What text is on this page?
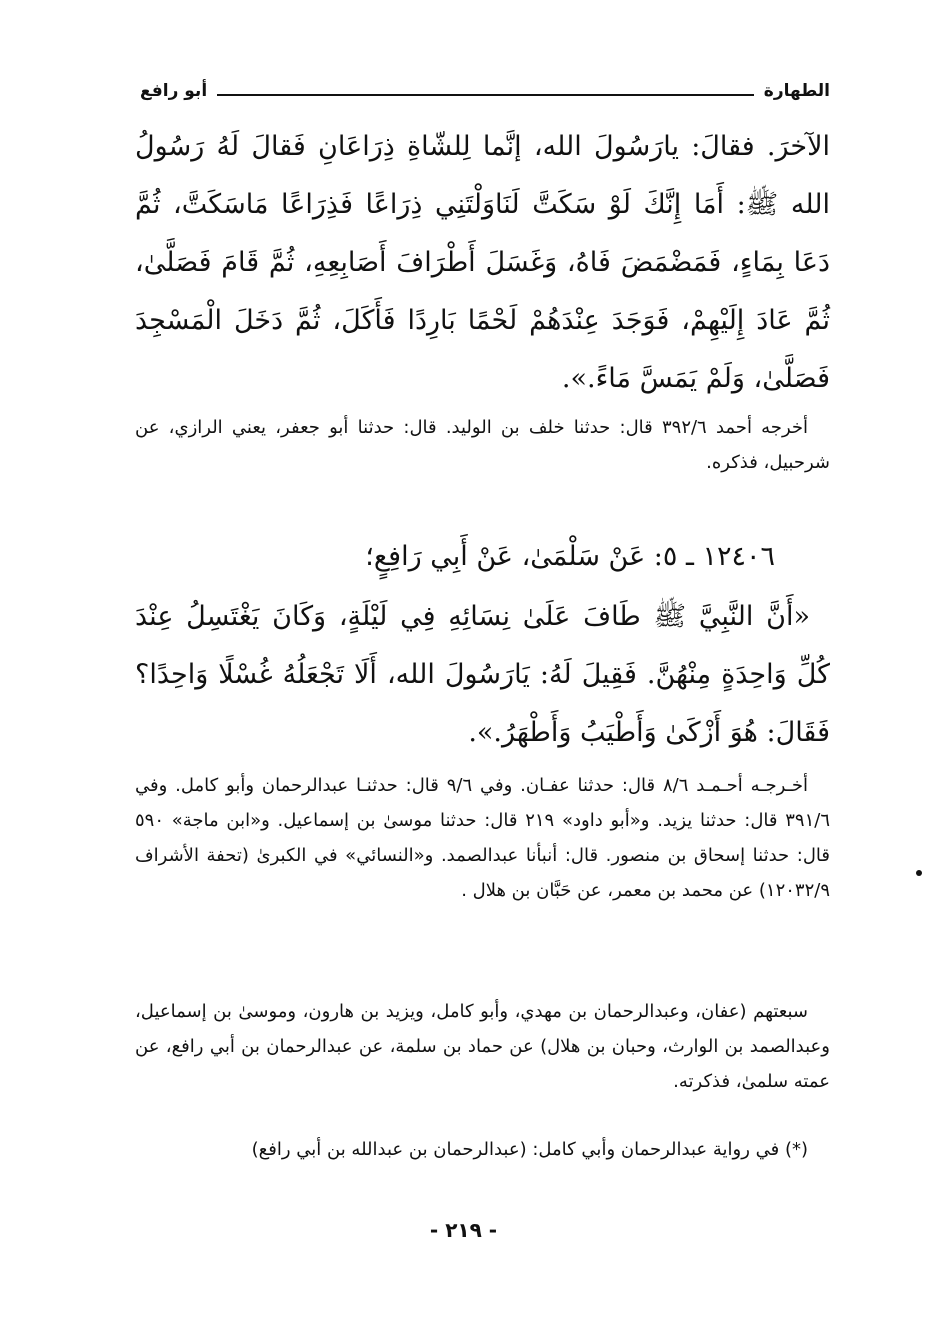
الطهارة
أبو رافع
الآخرَ. فقالَ: يارَسُولَ الله، إنَّما لِلشّاةِ ذِرَاعَانِ فَقالَ لَهُ رَسُولُ الله ﷺ: أَمَا إِنَّكَ لَوْ سَكَتَّ لَنَاوَلْتَنِي ذِرَاعًا فَذِرَاعًا مَاسَكَتَّ، ثُمَّ دَعَا بِمَاءٍ، فَمَضْمَضَ فَاهُ، وَغَسَلَ أَطْرَافَ أَصَابِعِهِ، ثُمَّ قَامَ فَصَلَّىٰ، ثُمَّ عَادَ إِلَيْهِمْ، فَوَجَدَ عِنْدَهُمْ لَحْمًا بَارِدًا فَأَكَلَ، ثُمَّ دَخَلَ الْمَسْجِدَ فَصَلَّىٰ، وَلَمْ يَمَسَّ مَاءً.».
أخرجه أحمد ٣٩٢/٦ قال: حدثنا خلف بن الوليد. قال: حدثنا أبو جعفر، يعني الرازي، عن شرحبيل، فذكره.
١٢٤٠٦ ـ ٥: عَنْ سَلْمَىٰ، عَنْ أَبِي رَافِعٍ؛
«أَنَّ النَّبِيَّ ﷺ طَافَ عَلَىٰ نِسَائِهِ فِي لَيْلَةٍ، وَكَانَ يَغْتَسِلُ عِنْدَ كُلِّ وَاحِدَةٍ مِنْهُنَّ. فَقِيلَ لَهُ: يَارَسُولَ الله، أَلَا تَجْعَلُهُ غُسْلًا وَاحِدًا؟ فَقَالَ: هُوَ أَزْكَىٰ وَأَطْيَبُ وَأَطْهَرُ.».
أخـرجـه أحـمـد ٨/٦ قال: حدثنا عفـان. وفي ٩/٦ قال: حدثنـا عبدالرحمان وأبو كامل. وفي ٣٩١/٦ قال: حدثنا يزيد. و«أبو داود» ٢١٩ قال: حدثنا موسىٰ بن إسماعيل. و«ابن ماجة» ٥٩٠ قال: حدثنا إسحاق بن منصور. قال: أنبأنا عبدالصمد. و«النسائي» في الكبرىٰ (تحفة الأشراف ١٢٠٣٢/٩) عن محمد بن معمر، عن حَبَّان بن هلال .
سبعتهم (عفان، وعبدالرحمان بن مهدي، وأبو كامل، ويزيد بن هارون، وموسىٰ بن إسماعيل، وعبدالصمد بن الوارث، وحبان بن هلال) عن حماد بن سلمة، عن عبدالرحمان بن أبي رافع، عن عمته سلمىٰ، فذكرته.
(*) في رواية عبدالرحمان وأبي كامل: (عبدالرحمان بن عبدالله بن أبي رافع)
- ٢١٩ -
